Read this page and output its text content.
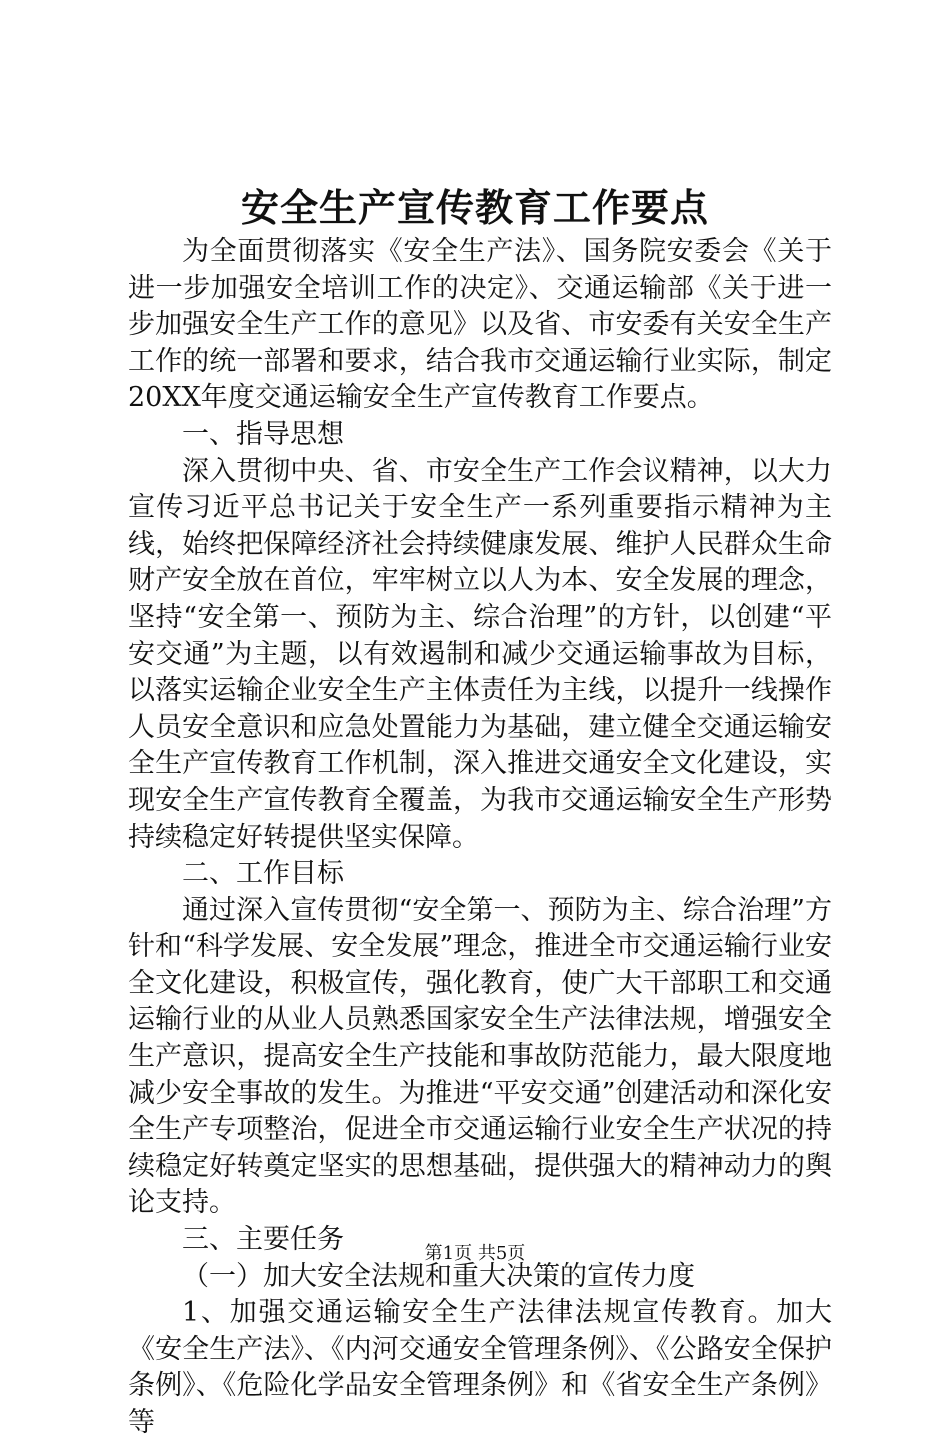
安全生产宣传教育工作要点

为全面贯彻落实《安全生产法》、国务院安委会《关于进一步加强安全培训工作的决定》、交通运输部《关于进一步加强安全生产工作的意见》以及省、市安委有关安全生产工作的统一部署和要求，结合我市交通运输行业实际，制定20XX年度交通运输安全生产宣传教育工作要点。

一、指导思想

深入贯彻中央、省、市安全生产工作会议精神，以大力宣传习近平总书记关于安全生产一系列重要指示精神为主线，始终把保障经济社会持续健康发展、维护人民群众生命财产安全放在首位，牢牢树立以人为本、安全发展的理念，坚持“安全第一、预防为主、综合治理”的方针，以创建“平安交通”为主题，以有效遏制和减少交通运输事故为目标，以落实运输企业安全生产主体责任为主线，以提升一线操作人员安全意识和应急处置能力为基础，建立健全交通运输安全生产宣传教育工作机制，深入推进交通安全文化建设，实现安全生产宣传教育全覆盖，为我市交通运输安全生产形势持续稳定好转提供坚实保障。

二、工作目标

通过深入宣传贯彻“安全第一、预防为主、综合治理”方针和“科学发展、安全发展”理念，推进全市交通运输行业安全文化建设，积极宣传，强化教育，使广大干部职工和交通运输行业的从业人员熟悉国家安全生产法律法规，增强安全生产意识，提高安全生产技能和事故防范能力，最大限度地减少安全事故的发生。为推进“平安交通”创建活动和深化安全生产专项整治，促进全市交通运输行业安全生产状况的持续稳定好转奠定坚实的思想基础，提供强大的精神动力的舆论支持。

三、主要任务

（一）加大安全法规和重大决策的宣传力度

1、加强交通运输安全生产法律法规宣传教育。加大《安全生产法》、《内河交通安全管理条例》、《公路安全保护条例》、《危险化学品安全管理条例》和《省安全生产条例》等

第1页 共5页
